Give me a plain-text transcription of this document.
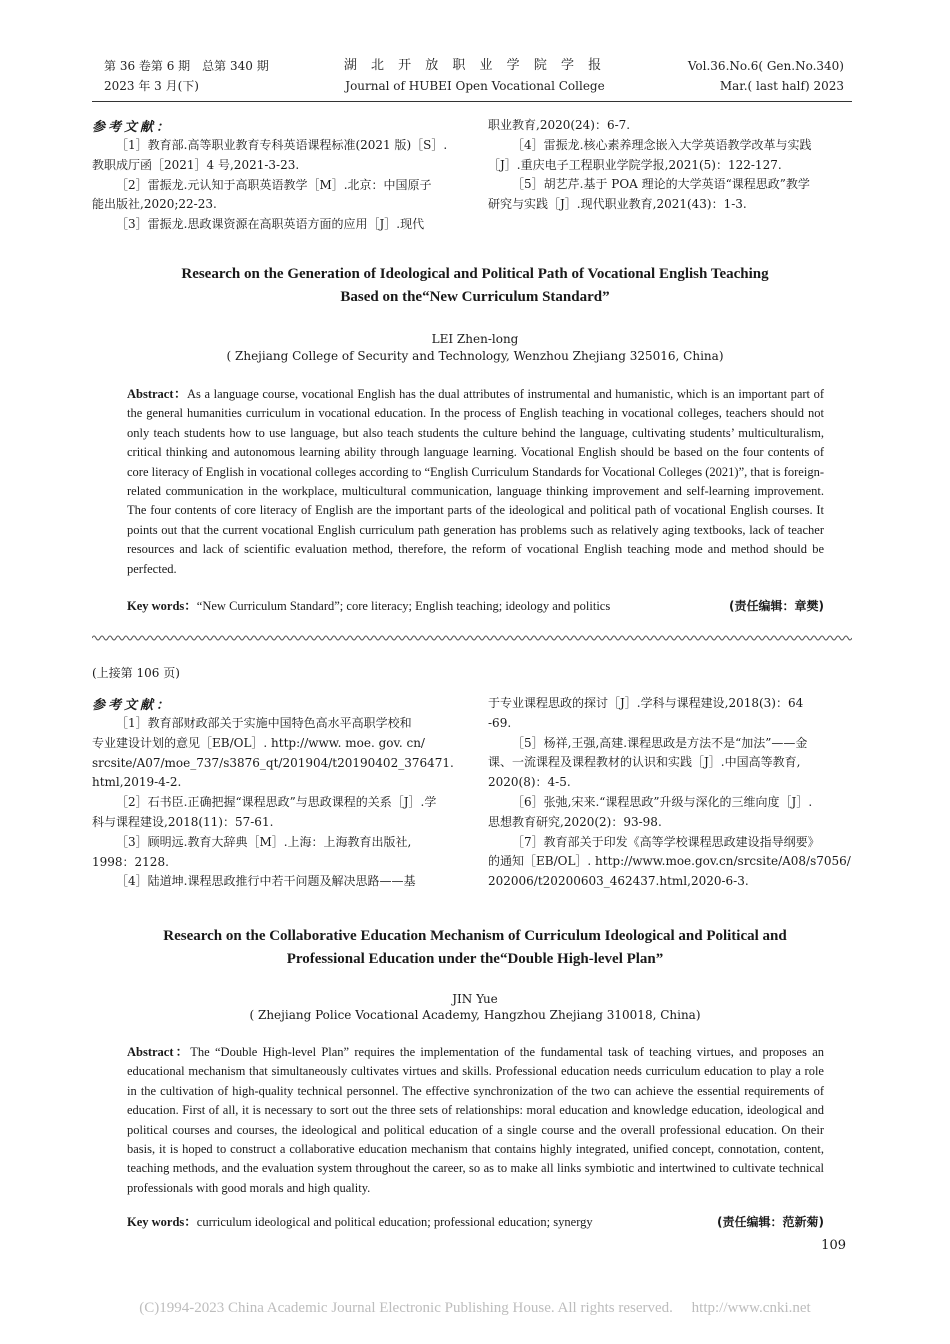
第 36 卷第 6 期　总第 340 期
2023 年 3 月(下)
湖 北 开 放 职 业 学 院 学 报
Journal of HUBEI Open Vocational College
Vol.36.No.6( Gen.No.340)
Mar.( last half) 2023
参考文献：

［1］教育部.高等职业教育专科英语课程标准(2021 版)［S］.

教职成厅函［2021］4 号,2021-3-23.

［2］雷振龙.元认知于高职英语教学［M］.北京：中国原子

能出版社,2020;22-23.

［3］雷振龙.思政课资源在高职英语方面的应用［J］.现代

职业教育,2020(24)：6-7.

［4］雷振龙.核心素养理念嵌入大学英语教学改革与实践

［J］.重庆电子工程职业学院学报,2021(5)：122-127.

［5］胡艺芹.基于 POA 理论的大学英语“课程思政”教学

研究与实践［J］.现代职业教育,2021(43)：1-3.

Research on the Generation of Ideological and Political Path of Vocational English Teaching
Based on the“New Curriculum Standard”
LEI Zhen-long
( Zhejiang College of Security and Technology, Wenzhou Zhejiang 325016, China)
Abstract：As a language course, vocational English has the dual attributes of instrumental and humanistic, which is an important part of the general humanities curriculum in vocational education. In the process of English teaching in vocational colleges, teachers should not only teach students how to use language, but also teach students the culture behind the language, cultivating students’ multiculturalism, critical thinking and autonomous learning ability through language learning. Vocational English should be based on the four contents of core literacy of English in vocational colleges according to “English Curriculum Standards for Vocational Colleges (2021)”, that is foreign-related communication in the workplace, multicultural communication, language thinking improvement and self-learning improvement. The four contents of core literacy of English are the important parts of the ideological and political path of vocational English courses. It points out that the current vocational English curriculum path generation has problems such as relatively aging textbooks, lack of teacher resources and lack of scientific evaluation method, therefore, the reform of vocational English teaching mode and method should be perfected.
Key words：“New Curriculum Standard”; core literacy; English teaching; ideology and politics	(责任编辑：章樊)
(上接第 106 页)
参考文献：

［1］教育部财政部关于实施中国特色高水平高职学校和

专业建设计划的意见［EB/OL］. http://www. moe. gov. cn/

srcsite/A07/moe_737/s3876_qt/201904/t20190402_376471.

html,2019-4-2.

［2］石书臣.正确把握“课程思政”与思政课程的关系［J］.学

科与课程建设,2018(11)：57-61.

［3］顾明远.教育大辞典［M］.上海：上海教育出版社,

1998：2128.

［4］陆道坤.课程思政推行中若干问题及解决思路——基

于专业课程思政的探讨［J］.学科与课程建设,2018(3)：64

-69.

［5］杨祥,王强,高建.课程思政是方法不是“加法”——金

课、一流课程及课程教材的认识和实践［J］.中国高等教育,

2020(8)：4-5.

［6］张弛,宋来.“课程思政”升级与深化的三维向度［J］.

思想教育研究,2020(2)：93-98.

［7］教育部关于印发《高等学校课程思政建设指导纲要》

的通知［EB/OL］. http://www.moe.gov.cn/srcsite/A08/s7056/

202006/t20200603_462437.html,2020-6-3.

Research on the Collaborative Education Mechanism of Curriculum Ideological and Political and
Professional Education under the“Double High-level Plan”
JIN Yue
( Zhejiang Police Vocational Academy, Hangzhou Zhejiang 310018, China)
Abstract：The “Double High-level Plan” requires the implementation of the fundamental task of teaching virtues, and proposes an educational mechanism that simultaneously cultivates virtues and skills. Professional education needs curriculum education to play a role in the cultivation of high-quality technical personnel. The effective synchronization of the two can achieve the essential requirements of education. First of all, it is necessary to sort out the three sets of relationships: moral education and knowledge education, ideological and political courses and courses, the ideological and political education of a single course and the overall professional education. On their basis, it is hoped to construct a collaborative education mechanism that contains highly integrated, unified concept, connotation, content, teaching methods, and the evaluation system throughout the career, so as to make all links symbiotic and intertwined to cultivate technical professionals with good morals and high quality.
Key words：curriculum ideological and political education; professional education; synergy	(责任编辑：范新菊)
109
(C)1994-2023 China Academic Journal Electronic Publishing House. All rights reserved.　 http://www.cnki.net
